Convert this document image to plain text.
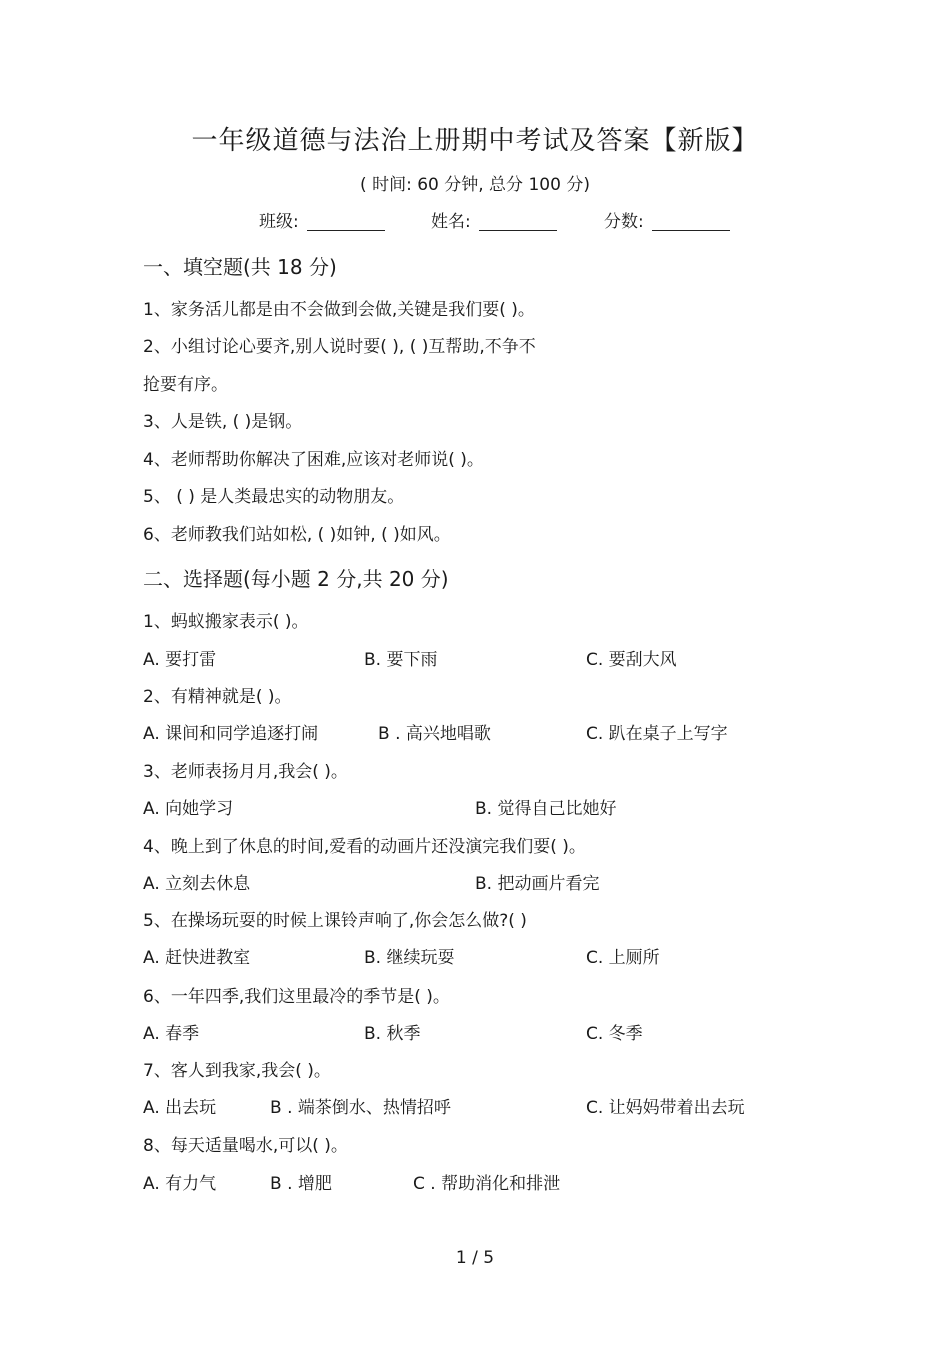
一年级道德与法治上册期中考试及答案【新版】
( 时间: 60 分钟, 总分 100 分)
班级:	姓名:	分数:
一、填空题(共 18 分)
1、家务活儿都是由不会做到会做,关键是我们要( )。
2、小组讨论心要齐,别人说时要( ), ( )互帮助,不争不
抢要有序。
3、人是铁, ( )是钢。
4、老师帮助你解决了困难,应该对老师说( )。
5、 ( ) 是人类最忠实的动物朋友。
6、老师教我们站如松, ( )如钟, ( )如风。
二、选择题(每小题 2 分,共 20 分)
1、蚂蚁搬家表示( )。
A. 要打雷	B. 要下雨	C. 要刮大风
2、有精神就是( )。
A. 课间和同学追逐打闹	B . 高兴地唱歌	C. 趴在桌子上写字
3、老师表扬月月,我会( )。
A. 向她学习	B. 觉得自己比她好
4、晚上到了休息的时间,爱看的动画片还没演完我们要( )。
A. 立刻去休息	B. 把动画片看完
5、在操场玩耍的时候上课铃声响了,你会怎么做?( )
A. 赶快进教室	B. 继续玩耍	C. 上厕所
6、一年四季,我们这里最冷的季节是( )。
A. 春季	B. 秋季	C. 冬季
7、客人到我家,我会( )。
A. 出去玩	B . 端茶倒水、热情招呼	C. 让妈妈带着出去玩
8、每天适量喝水,可以( )。
A. 有力气	B . 增肥	C . 帮助消化和排泄
1 / 5
